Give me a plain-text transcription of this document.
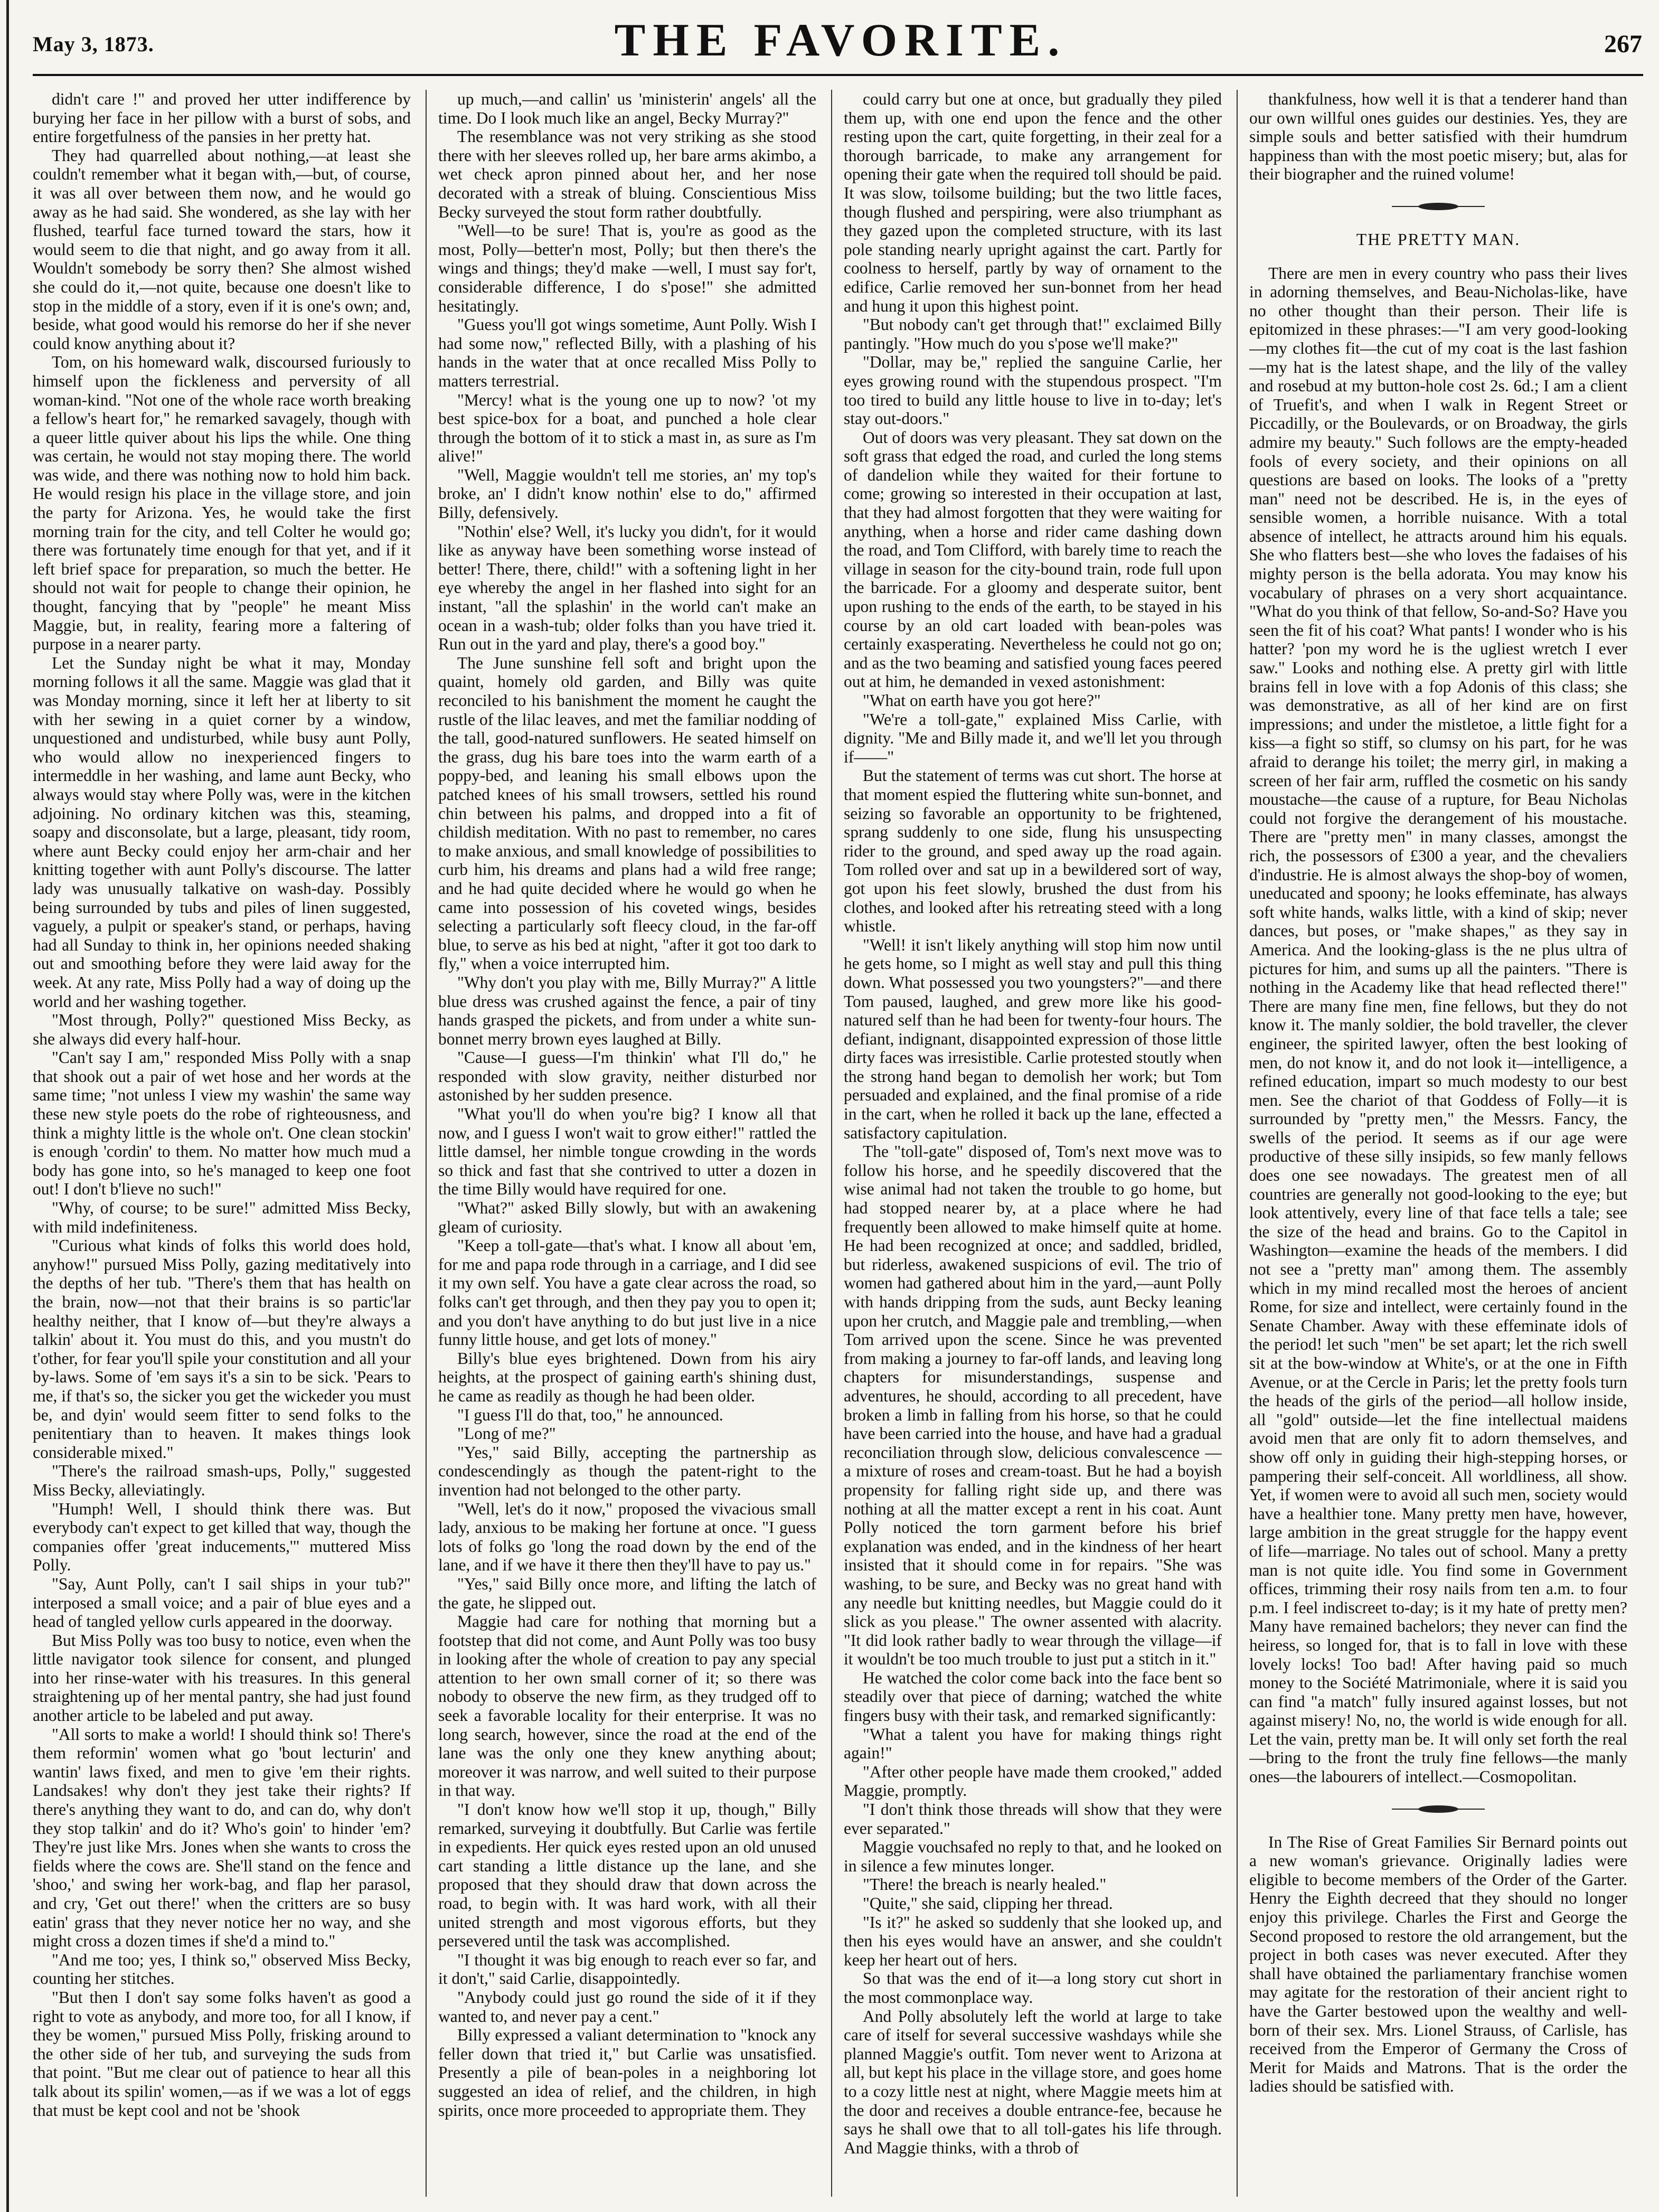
May 3, 1873.	THE FAVORITE.	267

didn't care !" and proved her utter indifference by burying her face in her pillow with a burst of sobs, and entire forgetfulness of the pansies in her pretty hat.

They had quarrelled about nothing,—at least she couldn't remember what it began with,—but, of course, it was all over between them now, and he would go away as he had said. She wondered, as she lay with her flushed, tearful face turned toward the stars, how it would seem to die that night, and go away from it all. Wouldn't somebody be sorry then? She almost wished she could do it,—not quite, because one doesn't like to stop in the middle of a story, even if it is one's own; and, beside, what good would his remorse do her if she never could know anything about it?

Tom, on his homeward walk, discoursed furiously to himself upon the fickleness and perversity of all woman-kind. "Not one of the whole race worth breaking a fellow's heart for," he remarked savagely, though with a queer little quiver about his lips the while. One thing was certain, he would not stay moping there. The world was wide, and there was nothing now to hold him back. He would resign his place in the village store, and join the party for Arizona. Yes, he would take the first morning train for the city, and tell Colter he would go; there was fortunately time enough for that yet, and if it left brief space for preparation, so much the better. He should not wait for people to change their opinion, he thought, fancying that by "people" he meant Miss Maggie, but, in reality, fearing more a faltering of purpose in a nearer party.

Let the Sunday night be what it may, Monday morning follows it all the same. Maggie was glad that it was Monday morning, since it left her at liberty to sit with her sewing in a quiet corner by a window, unquestioned and undisturbed, while busy aunt Polly, who would allow no inexperienced fingers to intermeddle in her washing, and lame aunt Becky, who always would stay where Polly was, were in the kitchen adjoining. No ordinary kitchen was this, steaming, soapy and disconsolate, but a large, pleasant, tidy room, where aunt Becky could enjoy her arm-chair and her knitting together with aunt Polly's discourse. The latter lady was unusually talkative on wash-day. Possibly being surrounded by tubs and piles of linen suggested, vaguely, a pulpit or speaker's stand, or perhaps, having had all Sunday to think in, her opinions needed shaking out and smoothing before they were laid away for the week. At any rate, Miss Polly had a way of doing up the world and her washing together.

"Most through, Polly?" questioned Miss Becky, as she always did every half-hour.

"Can't say I am," responded Miss Polly with a snap that shook out a pair of wet hose and her words at the same time; "not unless I view my washin' the same way these new style poets do the robe of righteousness, and think a mighty little is the whole on't. One clean stockin' is enough 'cordin' to them. No matter how much mud a body has gone into, so he's managed to keep one foot out! I don't b'lieve no such!"

"Why, of course; to be sure!" admitted Miss Becky, with mild indefiniteness.

"Curious what kinds of folks this world does hold, anyhow!" pursued Miss Polly, gazing meditatively into the depths of her tub. "There's them that has health on the brain, now—not that their brains is so partic'lar healthy neither, that I know of—but they're always a talkin' about it. You must do this, and you mustn't do t'other, for fear you'll spile your constitution and all your by-laws. Some of 'em says it's a sin to be sick. 'Pears to me, if that's so, the sicker you get the wickeder you must be, and dyin' would seem fitter to send folks to the penitentiary than to heaven. It makes things look considerable mixed."

"There's the railroad smash-ups, Polly," suggested Miss Becky, alleviatingly.

"Humph! Well, I should think there was. But everybody can't expect to get killed that way, though the companies offer 'great inducements,'" muttered Miss Polly.

"Say, Aunt Polly, can't I sail ships in your tub?" interposed a small voice; and a pair of blue eyes and a head of tangled yellow curls appeared in the doorway.

But Miss Polly was too busy to notice, even when the little navigator took silence for consent, and plunged into her rinse-water with his treasures. In this general straightening up of her mental pantry, she had just found another article to be labeled and put away.

"All sorts to make a world! I should think so! There's them reformin' women what go 'bout lecturin' and wantin' laws fixed, and men to give 'em their rights. Landsakes! why don't they jest take their rights? If there's anything they want to do, and can do, why don't they stop talkin' and do it? Who's goin' to hinder 'em? They're just like Mrs. Jones when she wants to cross the fields where the cows are. She'll stand on the fence and 'shoo,' and swing her work-bag, and flap her parasol, and cry, 'Get out there!' when the critters are so busy eatin' grass that they never notice her no way, and she might cross a dozen times if she'd a mind to."

"And me too; yes, I think so," observed Miss Becky, counting her stitches.

"But then I don't say some folks haven't as good a right to vote as anybody, and more too, for all I know, if they be women," pursued Miss Polly, frisking around to the other side of her tub, and surveying the suds from that point. "But me clear out of patience to hear all this talk about its spilin' women,—as if we was a lot of eggs that must be kept cool and not be 'shook

up much,—and callin' us 'ministerin' angels' all the time. Do I look much like an angel, Becky Murray?"

The resemblance was not very striking as she stood there with her sleeves rolled up, her bare arms akimbo, a wet check apron pinned about her, and her nose decorated with a streak of bluing. Conscientious Miss Becky surveyed the stout form rather doubtfully.

"Well—to be sure! That is, you're as good as the most, Polly—better'n most, Polly; but then there's the wings and things; they'd make —well, I must say for't, considerable difference, I do s'pose!" she admitted hesitatingly.

"Guess you'll got wings sometime, Aunt Polly. Wish I had some now," reflected Billy, with a plashing of his hands in the water that at once recalled Miss Polly to matters terrestrial.

"Mercy! what is the young one up to now? 'ot my best spice-box for a boat, and punched a hole clear through the bottom of it to stick a mast in, as sure as I'm alive!"

"Well, Maggie wouldn't tell me stories, an' my top's broke, an' I didn't know nothin' else to do," affirmed Billy, defensively.

"Nothin' else? Well, it's lucky you didn't, for it would like as anyway have been something worse instead of better! There, there, child!" with a softening light in her eye whereby the angel in her flashed into sight for an instant, "all the splashin' in the world can't make an ocean in a wash-tub; older folks than you have tried it. Run out in the yard and play, there's a good boy."

The June sunshine fell soft and bright upon the quaint, homely old garden, and Billy was quite reconciled to his banishment the moment he caught the rustle of the lilac leaves, and met the familiar nodding of the tall, good-natured sunflowers. He seated himself on the grass, dug his bare toes into the warm earth of a poppy-bed, and leaning his small elbows upon the patched knees of his small trowsers, settled his round chin between his palms, and dropped into a fit of childish meditation. With no past to remember, no cares to make anxious, and small knowledge of possibilities to curb him, his dreams and plans had a wild free range; and he had quite decided where he would go when he came into possession of his coveted wings, besides selecting a particularly soft fleecy cloud, in the far-off blue, to serve as his bed at night, "after it got too dark to fly," when a voice interrupted him.

"Why don't you play with me, Billy Murray?" A little blue dress was crushed against the fence, a pair of tiny hands grasped the pickets, and from under a white sun-bonnet merry brown eyes laughed at Billy.

"Cause—I guess—I'm thinkin' what I'll do," he responded with slow gravity, neither disturbed nor astonished by her sudden presence.

"What you'll do when you're big? I know all that now, and I guess I won't wait to grow either!" rattled the little damsel, her nimble tongue crowding in the words so thick and fast that she contrived to utter a dozen in the time Billy would have required for one.

"What?" asked Billy slowly, but with an awakening gleam of curiosity.

"Keep a toll-gate—that's what. I know all about 'em, for me and papa rode through in a carriage, and I did see it my own self. You have a gate clear across the road, so folks can't get through, and then they pay you to open it; and you don't have anything to do but just live in a nice funny little house, and get lots of money."

Billy's blue eyes brightened. Down from his airy heights, at the prospect of gaining earth's shining dust, he came as readily as though he had been older.

"I guess I'll do that, too," he announced.

"Long of me?"

"Yes," said Billy, accepting the partnership as condescendingly as though the patent-right to the invention had not belonged to the other party.

"Well, let's do it now," proposed the vivacious small lady, anxious to be making her fortune at once. "I guess lots of folks go 'long the road down by the end of the lane, and if we have it there then they'll have to pay us."

"Yes," said Billy once more, and lifting the latch of the gate, he slipped out.

Maggie had care for nothing that morning but a footstep that did not come, and Aunt Polly was too busy in looking after the whole of creation to pay any special attention to her own small corner of it; so there was nobody to observe the new firm, as they trudged off to seek a favorable locality for their enterprise. It was no long search, however, since the road at the end of the lane was the only one they knew anything about; moreover it was narrow, and well suited to their purpose in that way.

"I don't know how we'll stop it up, though," Billy remarked, surveying it doubtfully. But Carlie was fertile in expedients. Her quick eyes rested upon an old unused cart standing a little distance up the lane, and she proposed that they should draw that down across the road, to begin with. It was hard work, with all their united strength and most vigorous efforts, but they persevered until the task was accomplished.

"I thought it was big enough to reach ever so far, and it don't," said Carlie, disappointedly.

"Anybody could just go round the side of it if they wanted to, and never pay a cent."

Billy expressed a valiant determination to "knock any feller down that tried it," but Carlie was unsatisfied. Presently a pile of bean-poles in a neighboring lot suggested an idea of relief, and the children, in high spirits, once more proceeded to appropriate them. They

could carry but one at once, but gradually they piled them up, with one end upon the fence and the other resting upon the cart, quite forgetting, in their zeal for a thorough barricade, to make any arrangement for opening their gate when the required toll should be paid. It was slow, toilsome building; but the two little faces, though flushed and perspiring, were also triumphant as they gazed upon the completed structure, with its last pole standing nearly upright against the cart. Partly for coolness to herself, partly by way of ornament to the edifice, Carlie removed her sun-bonnet from her head and hung it upon this highest point.

"But nobody can't get through that!" exclaimed Billy pantingly. "How much do you s'pose we'll make?"

"Dollar, may be," replied the sanguine Carlie, her eyes growing round with the stupendous prospect. "I'm too tired to build any little house to live in to-day; let's stay out-doors."

Out of doors was very pleasant. They sat down on the soft grass that edged the road, and curled the long stems of dandelion while they waited for their fortune to come; growing so interested in their occupation at last, that they had almost forgotten that they were waiting for anything, when a horse and rider came dashing down the road, and Tom Clifford, with barely time to reach the village in season for the city-bound train, rode full upon the barricade. For a gloomy and desperate suitor, bent upon rushing to the ends of the earth, to be stayed in his course by an old cart loaded with bean-poles was certainly exasperating. Nevertheless he could not go on; and as the two beaming and satisfied young faces peered out at him, he demanded in vexed astonishment:

"What on earth have you got here?"

"We're a toll-gate," explained Miss Carlie, with dignity. "Me and Billy made it, and we'll let you through if——"

But the statement of terms was cut short. The horse at that moment espied the fluttering white sun-bonnet, and seizing so favorable an opportunity to be frightened, sprang suddenly to one side, flung his unsuspecting rider to the ground, and sped away up the road again. Tom rolled over and sat up in a bewildered sort of way, got upon his feet slowly, brushed the dust from his clothes, and looked after his retreating steed with a long whistle.

"Well! it isn't likely anything will stop him now until he gets home, so I might as well stay and pull this thing down. What possessed you two youngsters?"—and there Tom paused, laughed, and grew more like his good-natured self than he had been for twenty-four hours. The defiant, indignant, disappointed expression of those little dirty faces was irresistible. Carlie protested stoutly when the strong hand began to demolish her work; but Tom persuaded and explained, and the final promise of a ride in the cart, when he rolled it back up the lane, effected a satisfactory capitulation.

The "toll-gate" disposed of, Tom's next move was to follow his horse, and he speedily discovered that the wise animal had not taken the trouble to go home, but had stopped nearer by, at a place where he had frequently been allowed to make himself quite at home. He had been recognized at once; and saddled, bridled, but riderless, awakened suspicions of evil. The trio of women had gathered about him in the yard,—aunt Polly with hands dripping from the suds, aunt Becky leaning upon her crutch, and Maggie pale and trembling,—when Tom arrived upon the scene. Since he was prevented from making a journey to far-off lands, and leaving long chapters for misunderstandings, suspense and adventures, he should, according to all precedent, have broken a limb in falling from his horse, so that he could have been carried into the house, and have had a gradual reconciliation through slow, delicious convalescence —a mixture of roses and cream-toast. But he had a boyish propensity for falling right side up, and there was nothing at all the matter except a rent in his coat. Aunt Polly noticed the torn garment before his brief explanation was ended, and in the kindness of her heart insisted that it should come in for repairs. "She was washing, to be sure, and Becky was no great hand with any needle but knitting needles, but Maggie could do it slick as you please." The owner assented with alacrity. "It did look rather badly to wear through the village—if it wouldn't be too much trouble to just put a stitch in it."

He watched the color come back into the face bent so steadily over that piece of darning; watched the white fingers busy with their task, and remarked significantly:

"What a talent you have for making things right again!"

"After other people have made them crooked," added Maggie, promptly.

"I don't think those threads will show that they were ever separated."

Maggie vouchsafed no reply to that, and he looked on in silence a few minutes longer.

"There! the breach is nearly healed."

"Quite," she said, clipping her thread.

"Is it?" he asked so suddenly that she looked up, and then his eyes would have an answer, and she couldn't keep her heart out of hers.

So that was the end of it—a long story cut short in the most commonplace way.

And Polly absolutely left the world at large to take care of itself for several successive washdays while she planned Maggie's outfit. Tom never went to Arizona at all, but kept his place in the village store, and goes home to a cozy little nest at night, where Maggie meets him at the door and receives a double entrance-fee, because he says he shall owe that to all toll-gates his life through. And Maggie thinks, with a throb of

thankfulness, how well it is that a tenderer hand than our own willful ones guides our destinies. Yes, they are simple souls and better satisfied with their humdrum happiness than with the most poetic misery; but, alas for their biographer and the ruined volume!

THE PRETTY MAN.

There are men in every country who pass their lives in adorning themselves, and Beau-Nicholas-like, have no other thought than their person. Their life is epitomized in these phrases:—"I am very good-looking—my clothes fit—the cut of my coat is the last fashion—my hat is the latest shape, and the lily of the valley and rosebud at my button-hole cost 2s. 6d.; I am a client of Truefit's, and when I walk in Regent Street or Piccadilly, or the Boulevards, or on Broadway, the girls admire my beauty." Such follows are the empty-headed fools of every society, and their opinions on all questions are based on looks. The looks of a "pretty man" need not be described. He is, in the eyes of sensible women, a horrible nuisance. With a total absence of intellect, he attracts around him his equals. She who flatters best—she who loves the fadaises of his mighty person is the bella adorata. You may know his vocabulary of phrases on a very short acquaintance. "What do you think of that fellow, So-and-So? Have you seen the fit of his coat? What pants! I wonder who is his hatter? 'pon my word he is the ugliest wretch I ever saw." Looks and nothing else. A pretty girl with little brains fell in love with a fop Adonis of this class; she was demonstrative, as all of her kind are on first impressions; and under the mistletoe, a little fight for a kiss—a fight so stiff, so clumsy on his part, for he was afraid to derange his toilet; the merry girl, in making a screen of her fair arm, ruffled the cosmetic on his sandy moustache—the cause of a rupture, for Beau Nicholas could not forgive the derangement of his moustache. There are "pretty men" in many classes, amongst the rich, the possessors of £300 a year, and the chevaliers d'industrie. He is almost always the shop-boy of women, uneducated and spoony; he looks effeminate, has always soft white hands, walks little, with a kind of skip; never dances, but poses, or "make shapes," as they say in America. And the looking-glass is the ne plus ultra of pictures for him, and sums up all the painters. "There is nothing in the Academy like that head reflected there!" There are many fine men, fine fellows, but they do not know it. The manly soldier, the bold traveller, the clever engineer, the spirited lawyer, often the best looking of men, do not know it, and do not look it—intelligence, a refined education, impart so much modesty to our best men. See the chariot of that Goddess of Folly—it is surrounded by "pretty men," the Messrs. Fancy, the swells of the period. It seems as if our age were productive of these silly insipids, so few manly fellows does one see nowadays. The greatest men of all countries are generally not good-looking to the eye; but look attentively, every line of that face tells a tale; see the size of the head and brains. Go to the Capitol in Washington—examine the heads of the members. I did not see a "pretty man" among them. The assembly which in my mind recalled most the heroes of ancient Rome, for size and intellect, were certainly found in the Senate Chamber. Away with these effeminate idols of the period! let such "men" be set apart; let the rich swell sit at the bow-window at White's, or at the one in Fifth Avenue, or at the Cercle in Paris; let the pretty fools turn the heads of the girls of the period—all hollow inside, all "gold" outside—let the fine intellectual maidens avoid men that are only fit to adorn themselves, and show off only in guiding their high-stepping horses, or pampering their self-conceit. All worldliness, all show. Yet, if women were to avoid all such men, society would have a healthier tone. Many pretty men have, however, large ambition in the great struggle for the happy event of life—marriage. No tales out of school. Many a pretty man is not quite idle. You find some in Government offices, trimming their rosy nails from ten a.m. to four p.m. I feel indiscreet to-day; is it my hate of pretty men? Many have remained bachelors; they never can find the heiress, so longed for, that is to fall in love with these lovely locks! Too bad! After having paid so much money to the Société Matrimoniale, where it is said you can find "a match" fully insured against losses, but not against misery! No, no, the world is wide enough for all. Let the vain, pretty man be. It will only set forth the real—bring to the front the truly fine fellows—the manly ones—the labourers of intellect.—Cosmopolitan.

In The Rise of Great Families Sir Bernard points out a new woman's grievance. Originally ladies were eligible to become members of the Order of the Garter. Henry the Eighth decreed that they should no longer enjoy this privilege. Charles the First and George the Second proposed to restore the old arrangement, but the project in both cases was never executed. After they shall have obtained the parliamentary franchise women may agitate for the restoration of their ancient right to have the Garter bestowed upon the wealthy and well-born of their sex. Mrs. Lionel Strauss, of Carlisle, has received from the Emperor of Germany the Cross of Merit for Maids and Matrons. That is the order the ladies should be satisfied with.
